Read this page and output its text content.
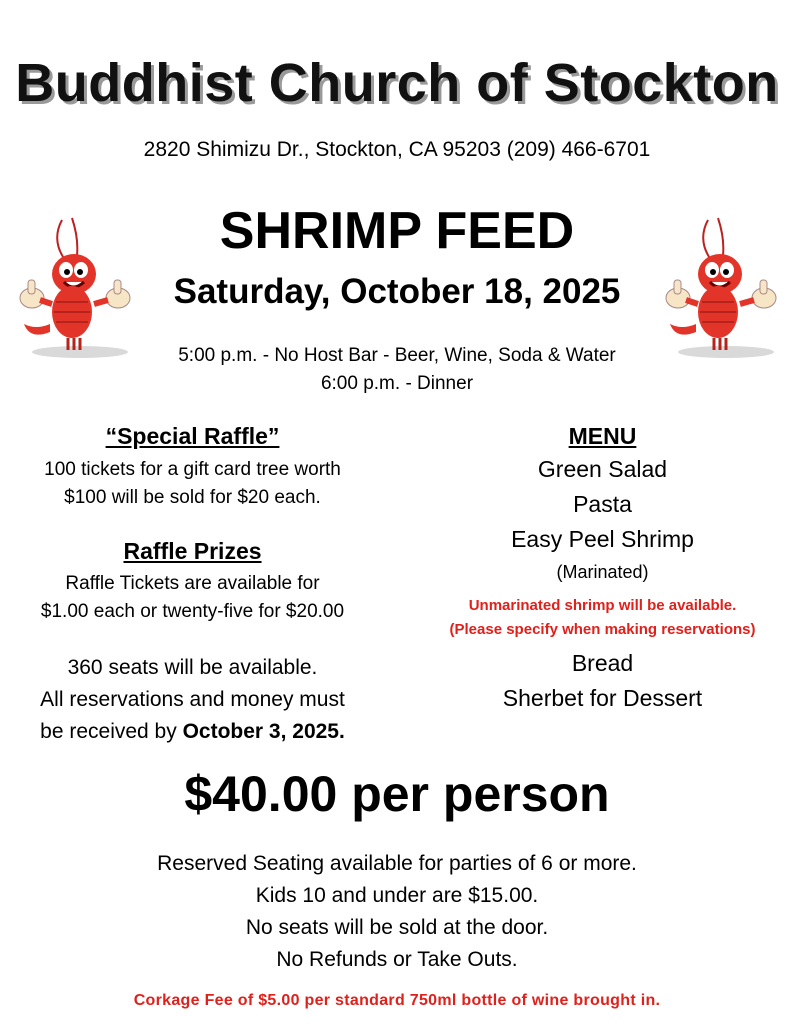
Buddhist Church of Stockton
2820 Shimizu Dr., Stockton, CA 95203 (209) 466-6701
SHRIMP FEED
Saturday, October 18, 2025
5:00 p.m. - No Host Bar - Beer, Wine, Soda & Water
6:00 p.m. - Dinner
“Special Raffle”
100 tickets for a gift card tree worth
$100 will be sold for $20 each.
Raffle Prizes
Raffle Tickets are available for
$1.00 each or twenty-five for $20.00
360 seats will be available.
All reservations and money must
be received by October 3, 2025.
MENU
Green Salad
Pasta
Easy Peel Shrimp
(Marinated)
Unmarinated shrimp will be available.
(Please specify when making reservations)
Bread
Sherbet for Dessert
$40.00 per person
Reserved Seating available for parties of 6 or more.
Kids 10 and under are $15.00.
No seats will be sold at the door.
No Refunds or Take Outs.
Corkage Fee of $5.00 per standard 750ml bottle of wine brought in.
